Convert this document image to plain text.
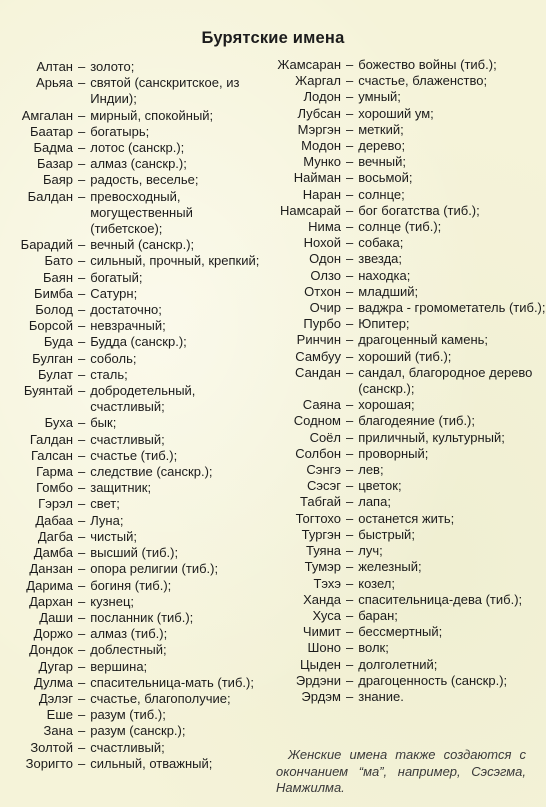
Бурятские имена
Алтан – золото;
Арьяа – святой (санскритское, из Индии);
Амгалан – мирный, спокойный;
Баатар – богатырь;
Бадма – лотос (санскр.);
Базар – алмаз (санскр.);
Баяр – радость, веселье;
Балдан – превосходный, могущественный (тибетское);
Барадий – вечный (санскр.);
Бато – сильный, прочный, крепкий;
Баян – богатый;
Бимба – Сатурн;
Болод – достаточно;
Борсой – невзрачный;
Буда – Будда (санскр.);
Булган – соболь;
Булат – сталь;
Буянтай – добродетельный, счастливый;
Буха – бык;
Галдан – счастливый;
Галсан – счастье (тиб.);
Гарма – следствие (санскр.);
Гомбо – защитник;
Гэрэл – свет;
Дабаа – Луна;
Дагба – чистый;
Дамба – высший (тиб.);
Данзан – опора религии (тиб.);
Дарима – богиня (тиб.);
Дархан – кузнец;
Даши – посланник (тиб.);
Доржо – алмаз (тиб.);
Дондок – доблестный;
Дугар – вершина;
Дулма – спасительница-мать (тиб.);
Дэлэг – счастье, благополучие;
Еше – разум (тиб.);
Зана – разум (санскр.);
Золтой – счастливый;
Зоригто – сильный, отважный;
Жамсаран – божество войны (тиб.);
Жаргал – счастье, блаженство;
Лодон – умный;
Лубсан – хороший ум;
Мэргэн – меткий;
Модон – дерево;
Мунко – вечный;
Найман – восьмой;
Наран – солнце;
Намсарай – бог богатства (тиб.);
Нима – солнце (тиб.);
Нохой – собака;
Одон – звезда;
Олзо – находка;
Отхон – младший;
Очир – ваджра - громометатель (тиб.);
Пурбо – Юпитер;
Ринчин – драгоценный камень;
Самбуу – хороший (тиб.);
Сандан – сандал, благородное дерево (санскр.);
Саяна – хорошая;
Содном – благодеяние (тиб.);
Соёл – приличный, культурный;
Солбон – проворный;
Сэнгэ – лев;
Сэсэг – цветок;
Табгай – лапа;
Тогтохо – останется жить;
Тургэн – быстрый;
Туяна – луч;
Тумэр – железный;
Тэхэ – козел;
Ханда – спасительница-дева (тиб.);
Хуса – баран;
Чимит – бессмертный;
Шоно – волк;
Цыден – долголетний;
Эрдэни – драгоценность (санскр.);
Эрдэм – знание.
Женские имена также создаются с окончанием “ма”, например, Сэсэгма, Намжилма.
